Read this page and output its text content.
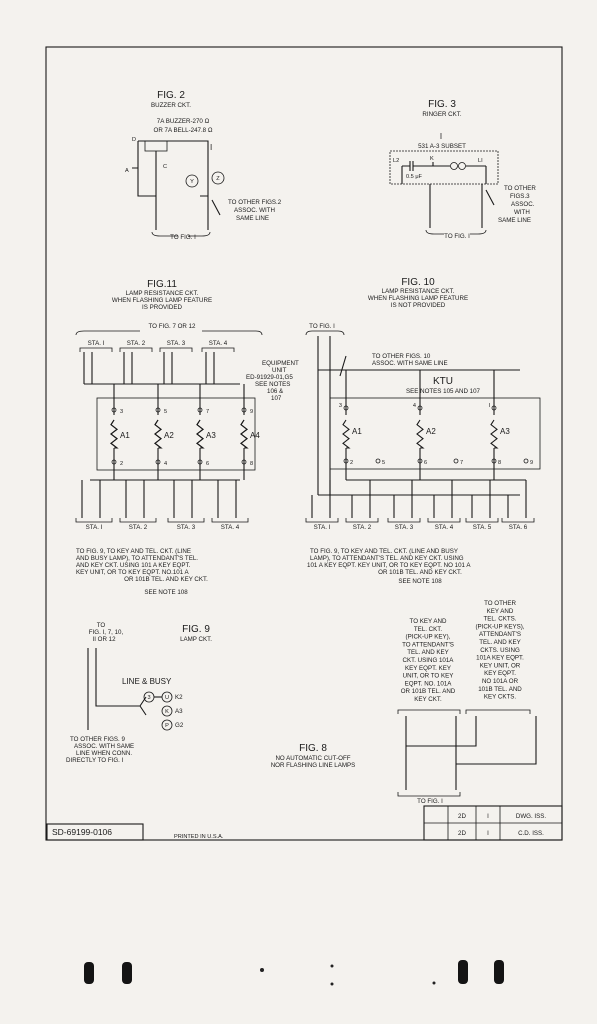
FIG. 2
BUZZER CKT.
7A BUZZER-270 Ω
OR 7A BELL-247.8 Ω
I
D
A
C
Y	Z
TO OTHER FIGS.2
ASSOC. WITH
SAME LINE
TO FIG. I
FIG. 3
RINGER CKT.
I
531 A-3 SUBSET
L2	K	LI
0.5 μF
TO OTHER
FIGS.3
ASSOC.
WITH
SAME LINE
TO FIG. I
FIG.11
LAMP RESISTANCE CKT.
WHEN FLASHING LAMP FEATURE
IS PROVIDED
TO FIG. 7 OR 12
STA. I	STA. 2	STA. 3	STA. 4
STA. I	STA. 2	STA. 3	STA. 4
3
2
A1
5
4
A2
7
6
A3
9
8
A4
EQUIPMENT
UNIT
ED-91929-01,G5
SEE NOTES
106 &
107
TO FIG. 9, TO KEY AND TEL. CKT. (LINE
AND BUSY LAMP), TO ATTENDANT'S TEL.
AND KEY CKT. USING 101 A KEY EQPT.
KEY UNIT, OR TO KEY EQPT. NO.101 A
OR 101B TEL. AND KEY CKT.
SEE NOTE 108
FIG. 10
LAMP RESISTANCE CKT.
WHEN FLASHING LAMP FEATURE
IS NOT PROVIDED
TO FIG. I
TO OTHER FIGS. 10
ASSOC. WITH SAME LINE
KTU
SEE NOTES 105 AND 107
3
A1
4
A2
I
A3
2	5	6	7	8	9
STA. I	STA. 2	STA. 3	STA. 4	STA. 5	STA. 6
TO FIG. 9, TO KEY AND TEL. CKT. (LINE AND BUSY
LAMP), TO ATTENDANT'S TEL. AND KEY CKT. USING
101 A KEY EQPT. KEY UNIT, OR TO KEY EQPT. NO 101 A
OR 101B TEL. AND KEY CKT.
SEE NOTE 108
FIG. 9
LAMP CKT.
TO
FIG. I, 7, 10,
II OR 12
LINE & BUSY
3	U K2
K A3
P G2
TO OTHER FIGS. 9
ASSOC. WITH SAME
LINE WHEN CONN.
DIRECTLY TO FIG. I
FIG. 8
NO AUTOMATIC CUT-OFF
NOR FLASHING LINE LAMPS
TO KEY AND
TEL. CKT.
(PICK-UP KEY),
TO ATTENDANT'S
TEL. AND KEY
CKT. USING 101A
KEY EQPT. KEY
UNIT, OR TO KEY
EQPT. NO. 101A
OR 101B TEL. AND
KEY CKT.
TO OTHER
KEY AND
TEL. CKTS.
(PICK-UP KEYS),
ATTENDANT'S
TEL. AND KEY
CKTS. USING
101A KEY EQPT.
KEY UNIT, OR
KEY EQPT.
NO 101A OR
101B TEL. AND
KEY CKTS.
TO FIG. I
SD-69199-0106	PRINTED IN U.S.A.
2D	I	DWG. ISS.
2D	I	C.D. ISS.
